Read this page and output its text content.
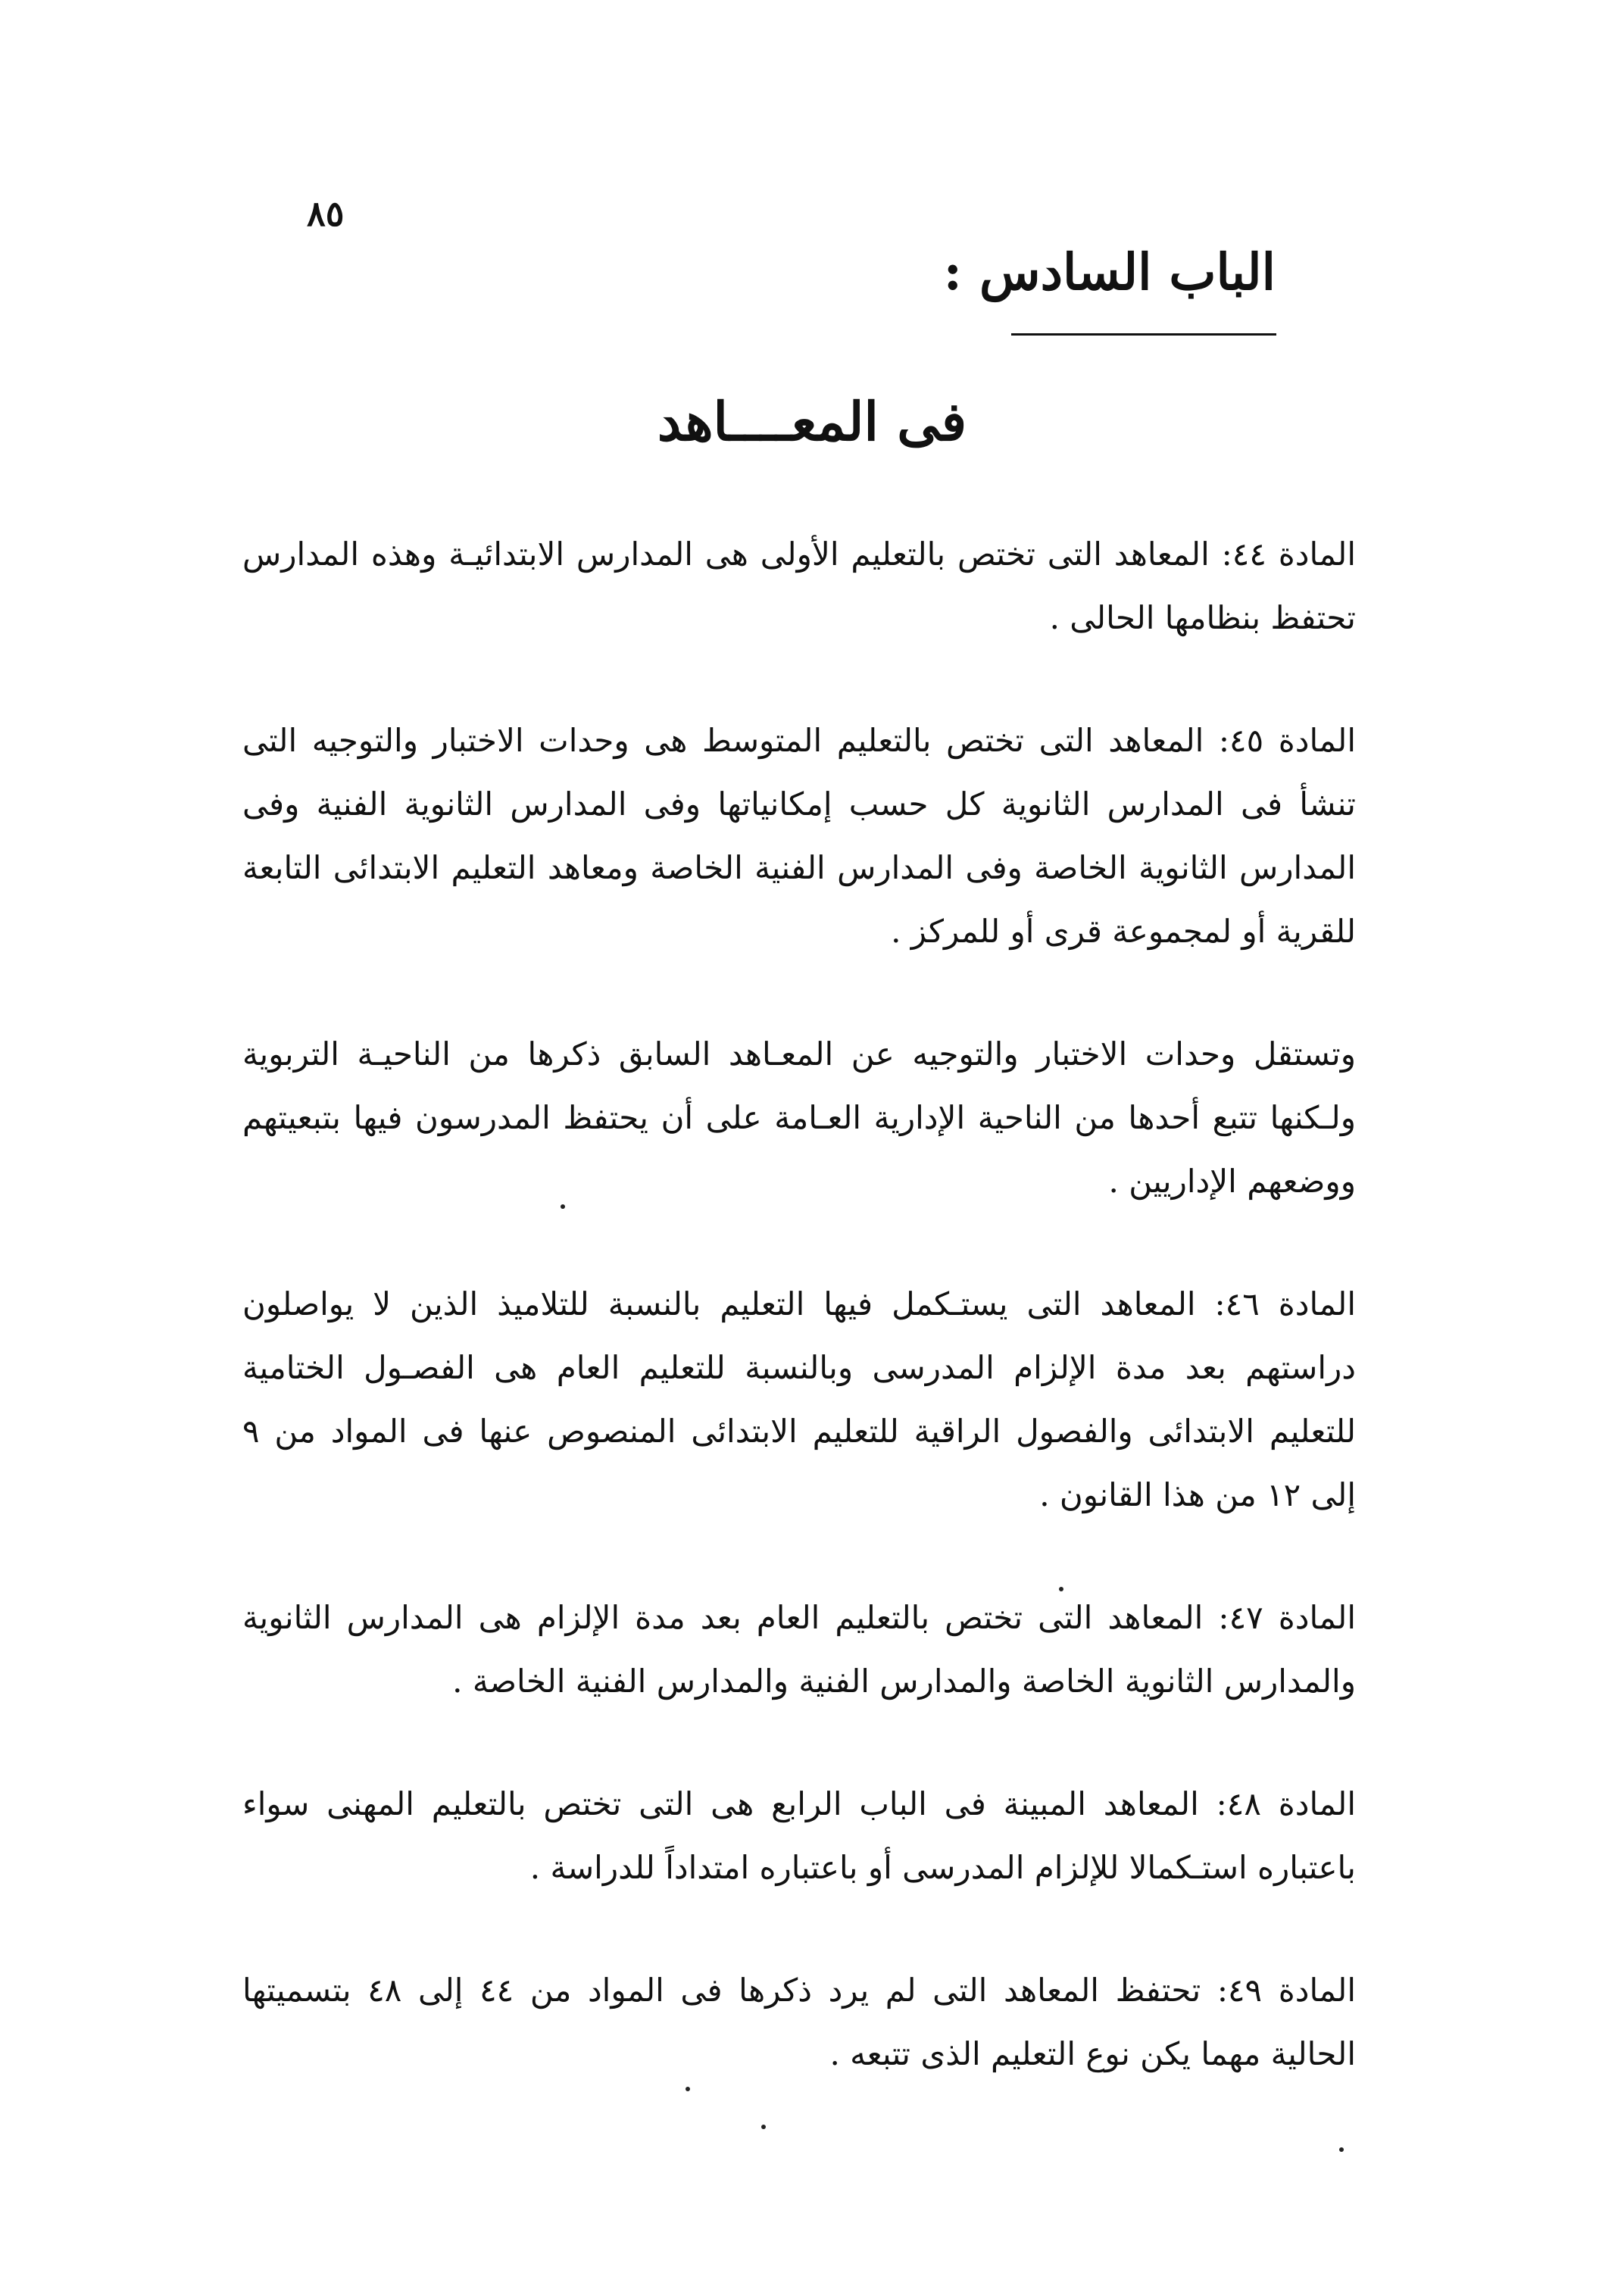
٨٥
الباب السادس :
فى المعــــاهد

المادة ٤٤: المعاهد التى تختص بالتعليم الأولى هى المدارس الابتدائيـة وهذه المدارس تحتفظ بنظامها الحالى .

المادة ٤٥: المعاهد التى تختص بالتعليم المتوسط هى وحدات الاختبار والتوجيه التى تنشأ فى المدارس الثانوية كل حسب إمكانياتها وفى المدارس الثانوية الفنية وفى المدارس الثانوية الخاصة وفى المدارس الفنية الخاصة ومعاهد التعليم الابتدائى التابعة للقرية أو لمجموعة قرى أو للمركز .

وتستقل وحدات الاختبار والتوجيه عن المعـاهد السابق ذكرها من الناحيـة التربوية ولـكنها تتبع أحدها من الناحية الإدارية العـامة على أن يحتفظ المدرسون فيها بتبعيتهم ووضعهم الإداريين .

المادة ٤٦: المعاهد التى يستـكمل فيها التعليم بالنسبة للتلاميذ الذين لا يواصلون دراستهم بعد مدة الإلزام المدرسى وبالنسبة للتعليم العام هى الفصـول الختامية للتعليم الابتدائى والفصول الراقية للتعليم الابتدائى المنصوص عنها فى المواد من ٩ إلى ١٢ من هذا القانون .

المادة ٤٧: المعاهد التى تختص بالتعليم العام بعد مدة الإلزام هى المدارس الثانوية والمدارس الثانوية الخاصة والمدارس الفنية والمدارس الفنية الخاصة .

المادة ٤٨: المعاهد المبينة فى الباب الرابع هى التى تختص بالتعليم المهنى سواء باعتباره استـكمالا للإلزام المدرسى أو باعتباره امتداداً للدراسة .

المادة ٤٩: تحتفظ المعاهد التى لم يرد ذكرها فى المواد من ٤٤ إلى ٤٨ بتسميتها الحالية مهما يكن نوع التعليم الذى تتبعه .
